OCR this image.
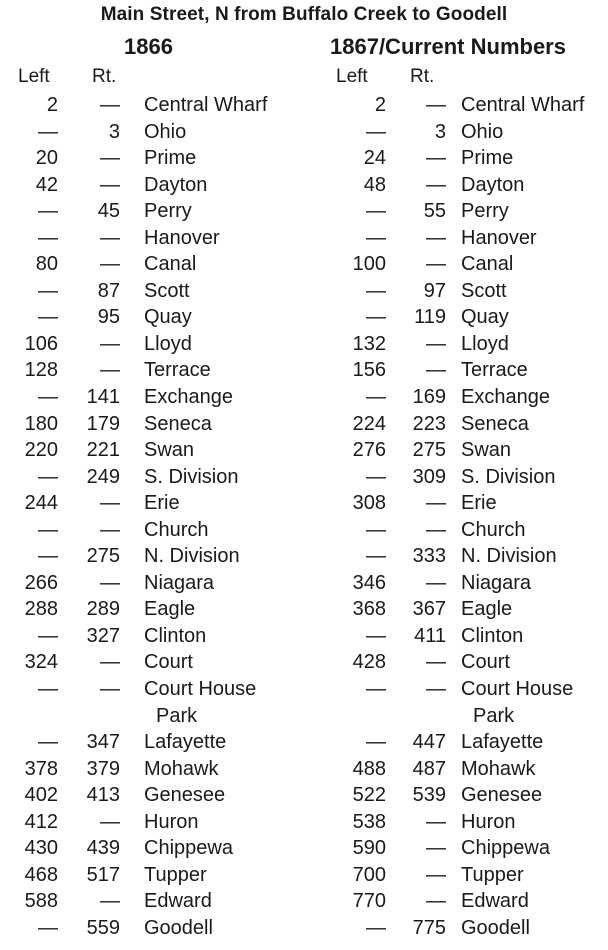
Main Street, N from Buffalo Creek to Goodell
1866
Left Rt.
2 — Central Wharf
—	3 Ohio
20 — Prime
42 — Dayton
— 45 Perry
— — Hanover
80 — Canal
— 87 Scott
— 95 Quay
106 — Lloyd
128 — Terrace
— 141 Exchange
180 179 Seneca
220 221 Swan
— 249 S. Division
244 — Erie
— — Church
— 275 N. Division
266 — Niagara
288 289 Eagle
— 327 Clinton
324 — Court
— — Court House
Park
— 347 Lafayette
378 379 Mohawk
402 413 Genesee
412 — Huron
430 439 Chippewa
468 517 Tupper
588 — Edward
— 559 Goodell
1867/Current Numbers
Left Rt.
2 — Central Wharf
— 3 Ohio
24 — Prime
48 — Dayton
— 55 Perry
— — Hanover
100 — Canal
— 97 Scott
— 119 Quay
132 — Lloyd
156 — Terrace
— 169 Exchange
224 223 Seneca
276 275 Swan
— 309 S. Division
308 — Erie
— — Church
— 333 N. Division
346 — Niagara
368 367 Eagle
— 411 Clinton
428 — Court
— — Court House
Park
— 447 Lafayette
488 487 Mohawk
522 539 Genesee
538 — Huron
590 — Chippewa
700 — Tupper
770 — Edward
— 775 Goodell
